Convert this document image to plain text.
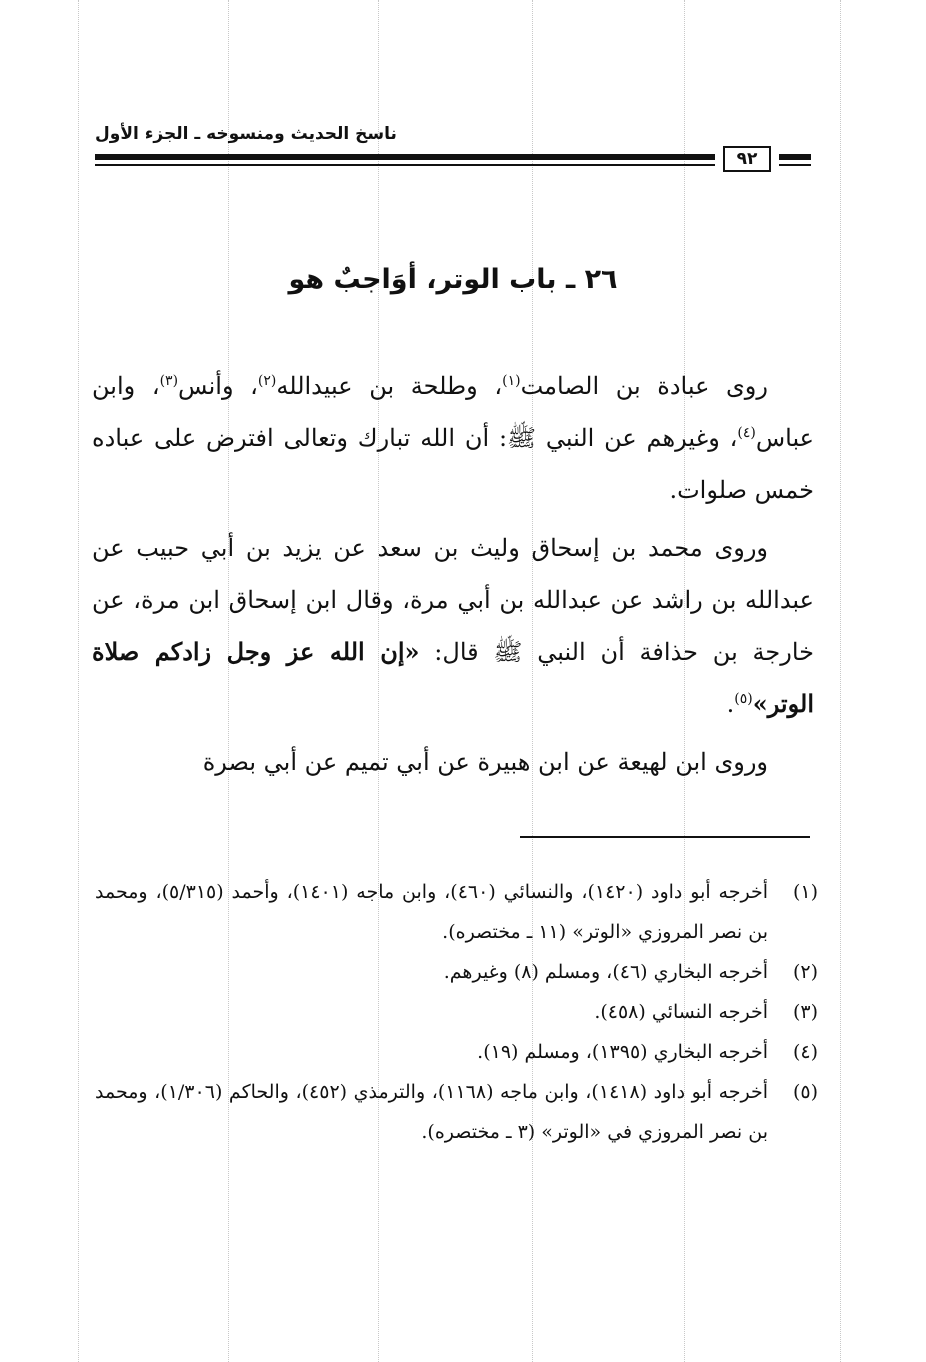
ناسخ الحديث ومنسوخه ـ الجزء الأول
٩٢
٢٦ ـ باب الوتر، أوَاجبٌ هو

روى عبادة بن الصامت$^{(١)}$، وطلحة بن عبيدالله$^{(٢)}$، وأنس$^{(٣)}$، وابن عباس$^{(٤)}$، وغيرهم عن النبي ﷺ: أن الله تبارك وتعالى افترض على عباده خمس صلوات.

وروى محمد بن إسحاق وليث بن سعد عن يزيد بن أبي حبيب عن عبدالله بن راشد عن عبدالله بن أبي مرة، وقال ابن إسحاق ابن مرة، عن خارجة بن حذافة أن النبي ﷺ قال: «إن الله عز وجل زادكم صلاة الوتر»$^{(٥)}$.

وروى ابن لهيعة عن ابن هبيرة عن أبي تميم عن أبي بصرة

(١)
أخرجه أبو داود (١٤٢٠)، والنسائي (٤٦٠)، وابن ماجه (١٤٠١)، وأحمد (٥/٣١٥)، ومحمد بن نصر المروزي «الوتر» (١١ ـ مختصره).
(٢)
أخرجه البخاري (٤٦)، ومسلم (٨) وغيرهم.
(٣)
أخرجه النسائي (٤٥٨).
(٤)
أخرجه البخاري (١٣٩٥)، ومسلم (١٩).
(٥)
أخرجه أبو داود (١٤١٨)، وابن ماجه (١١٦٨)، والترمذي (٤٥٢)، والحاكم (١/٣٠٦)، ومحمد بن نصر المروزي في «الوتر» (٣ ـ مختصره).
